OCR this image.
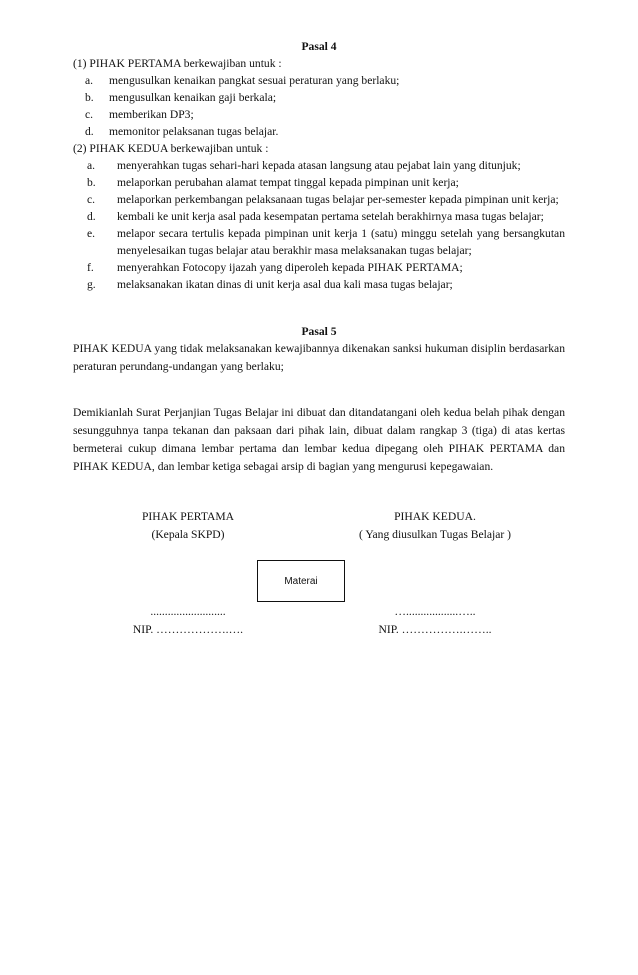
Pasal 4

(1) PIHAK PERTAMA berkewajiban untuk :

a.	mengusulkan kenaikan pangkat sesuai peraturan yang berlaku;
b.	mengusulkan kenaikan gaji berkala;
c.	memberikan DP3;
d.	memonitor pelaksanan tugas belajar.

(2) PIHAK KEDUA berkewajiban untuk :

a.	menyerahkan tugas sehari-hari kepada atasan langsung atau pejabat lain yang ditunjuk;
b.	melaporkan perubahan alamat tempat tinggal kepada pimpinan unit kerja;
c.	melaporkan perkembangan pelaksanaan tugas belajar per-semester kepada pimpinan unit kerja;
d.	kembali ke unit kerja asal pada kesempatan pertama setelah berakhirnya masa tugas belajar;
e.	melapor secara tertulis kepada pimpinan unit kerja 1 (satu) minggu setelah yang bersangkutan menyelesaikan tugas belajar atau berakhir masa melaksanakan tugas belajar;
f.	menyerahkan Fotocopy ijazah yang diperoleh kepada PIHAK PERTAMA;
g.	melaksanakan ikatan dinas di unit kerja asal dua kali masa tugas belajar;

Pasal 5

PIHAK KEDUA yang tidak melaksanakan kewajibannya dikenakan sanksi hukuman disiplin berdasarkan peraturan perundang-undangan yang berlaku;

Demikianlah Surat Perjanjian Tugas Belajar ini dibuat dan ditandatangani oleh kedua belah pihak dengan sesungguhnya tanpa tekanan dan paksaan dari pihak lain, dibuat dalam rangkap 3 (tiga) di atas kertas bermeterai cukup dimana lembar pertama dan lembar kedua dipegang oleh PIHAK PERTAMA dan PIHAK KEDUA, dan lembar ketiga sebagai arsip di bagian yang mengurusi kepegawaian.

PIHAK PERTAMA
(Kepala SKPD)
PIHAK KEDUA.
( Yang diusulkan Tugas Belajar )
Materai
..........................
NIP. ……………….….
…..................…..
NIP. …………….……..
